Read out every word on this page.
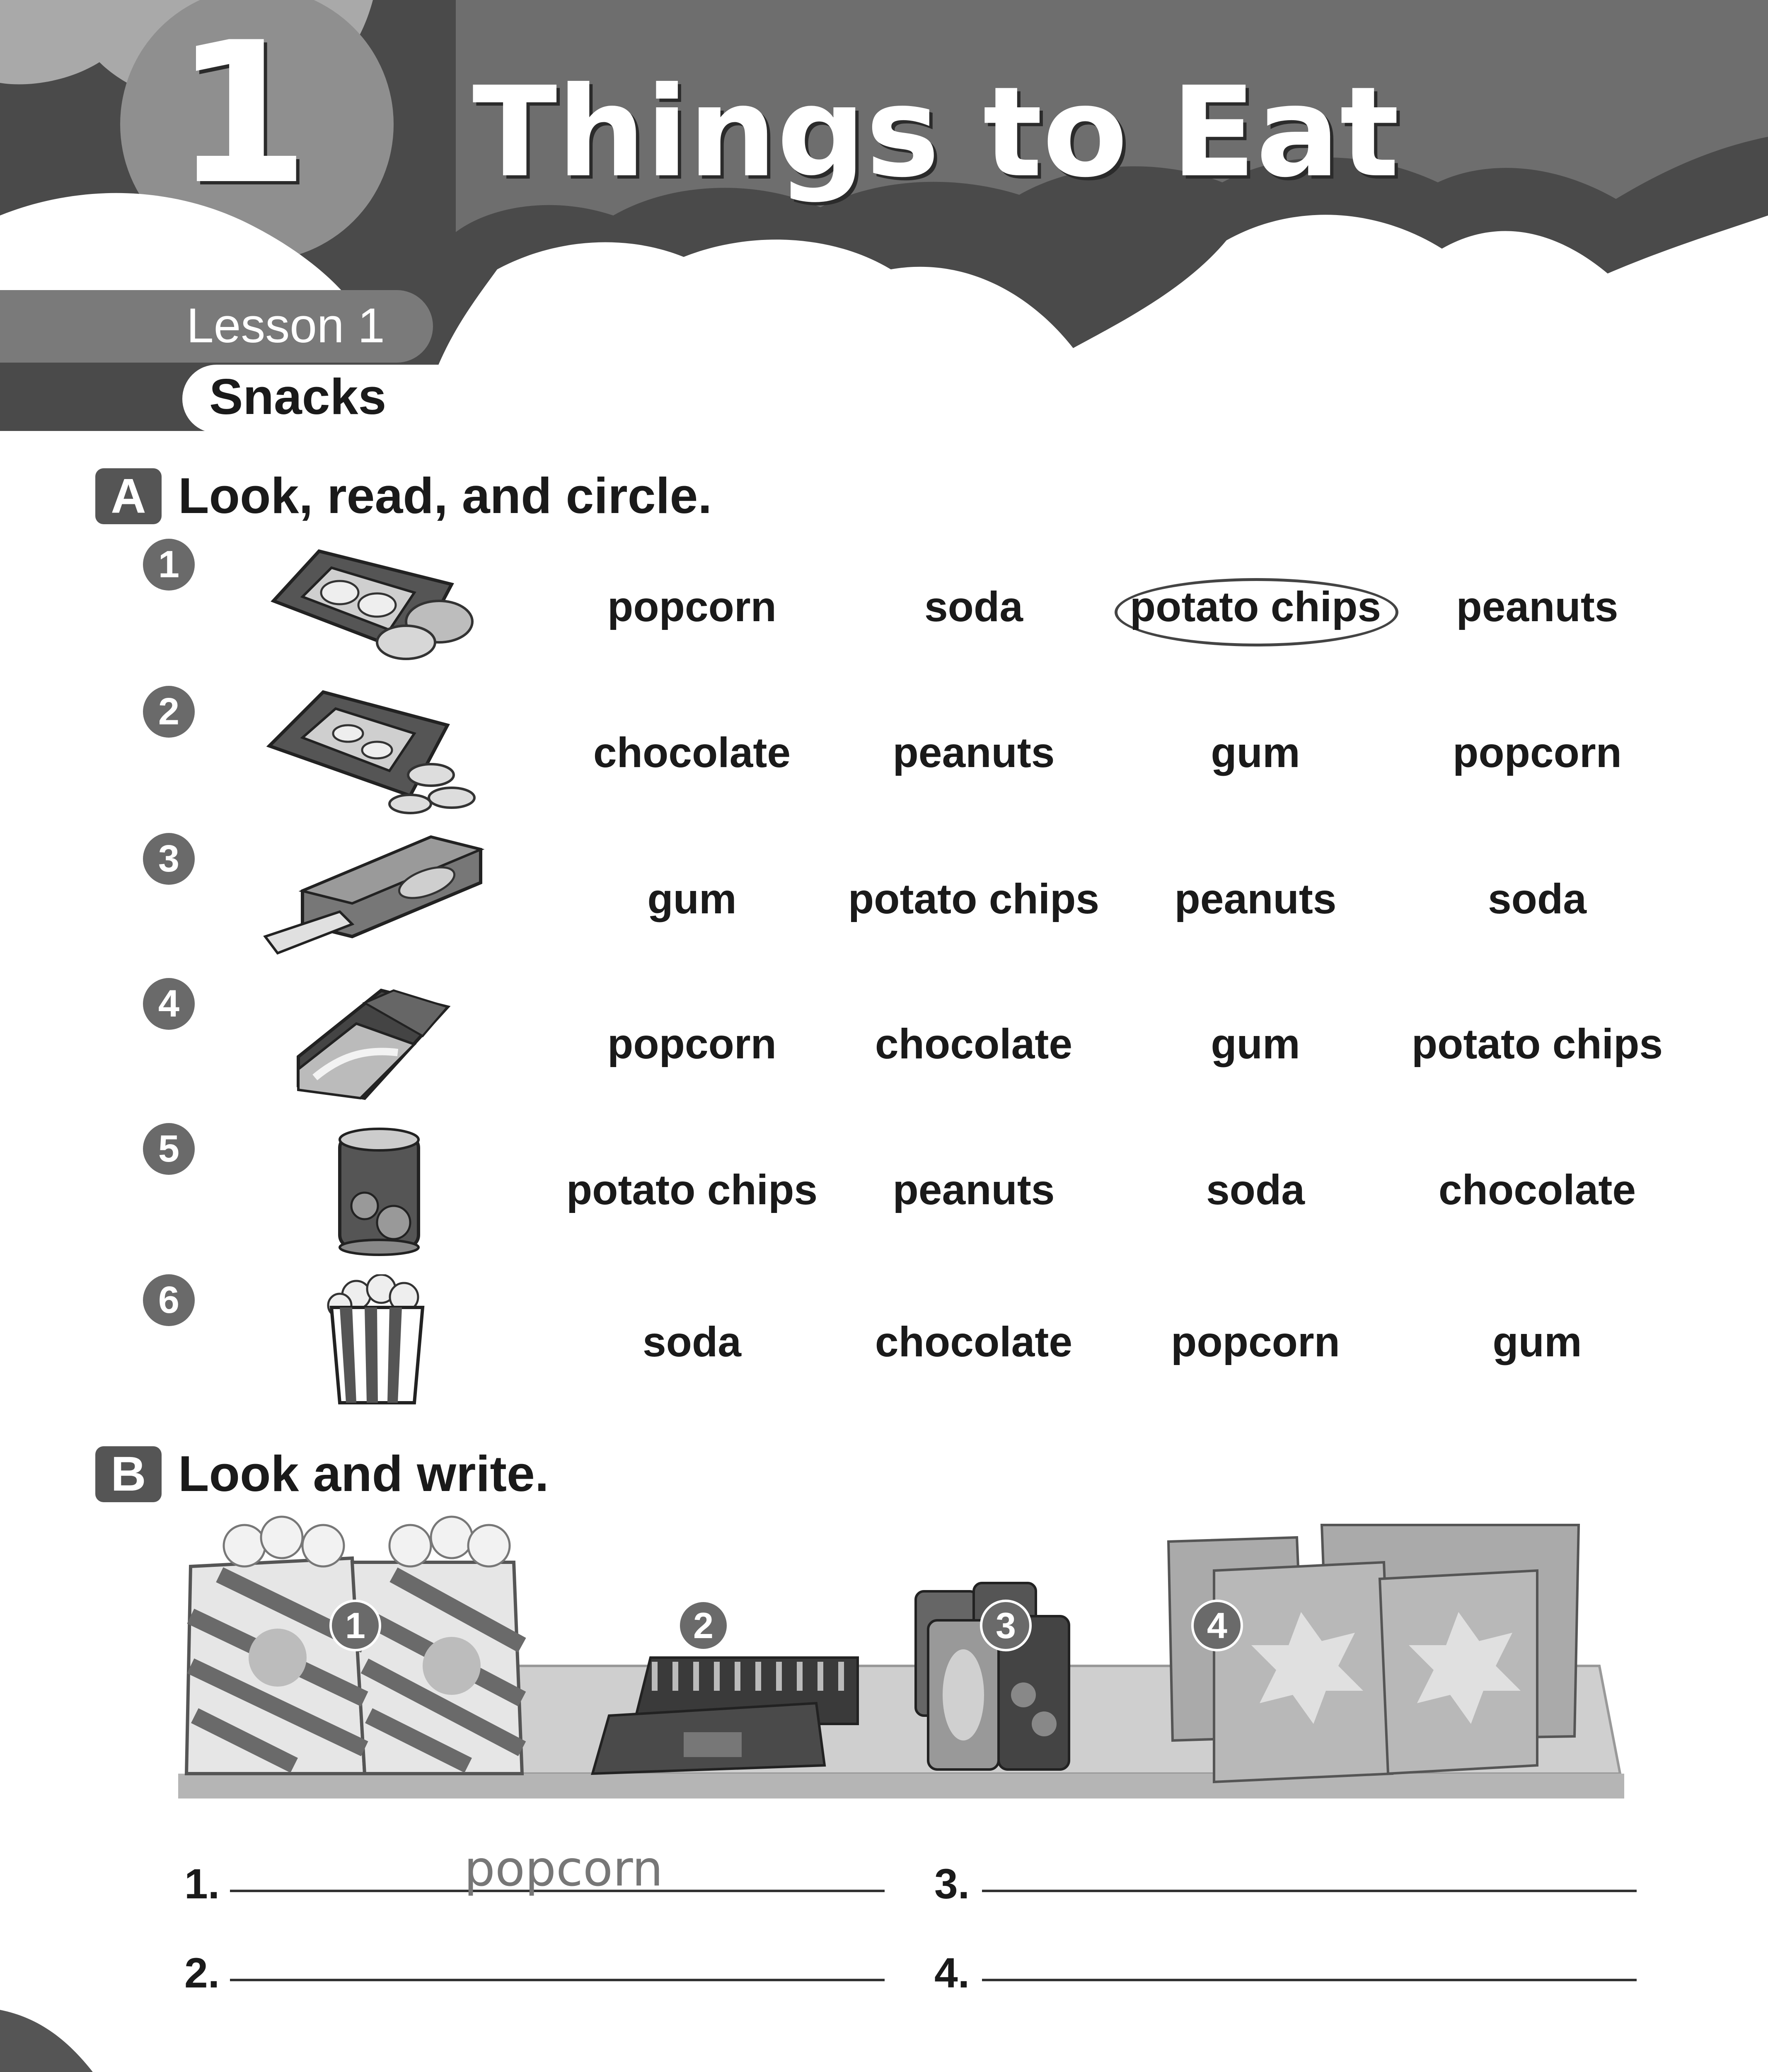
1 Things to Eat
Lesson 1
Snacks
A Look, read, and circle.
1
popcorn	soda	potato chips	peanuts
2
chocolate	peanuts	gum	popcorn
3
gum	potato chips	peanuts	soda
4
popcorn	chocolate	gum	potato chips
5
potato chips	peanuts	soda	chocolate
6
soda	chocolate	popcorn	gum
B Look and write.
1	2	3	4
1.	popcorn
2.
3.
4.
